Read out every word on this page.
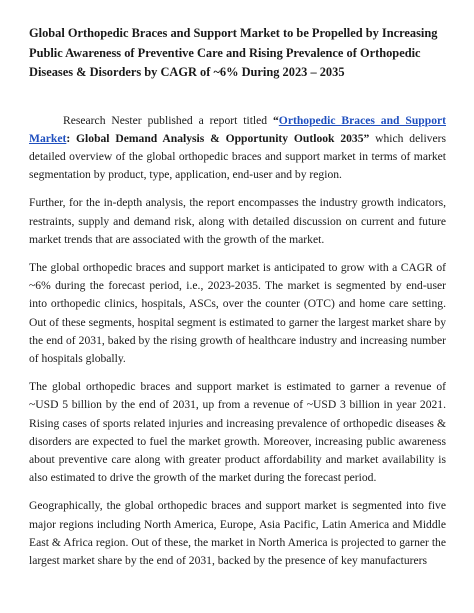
Global Orthopedic Braces and Support Market to be Propelled by Increasing Public Awareness of Preventive Care and Rising Prevalence of Orthopedic Diseases & Disorders by CAGR of ~6% During 2023 – 2035

Research Nester published a report titled “Orthopedic Braces and Support Market: Global Demand Analysis & Opportunity Outlook 2035” which delivers detailed overview of the global orthopedic braces and support market in terms of market segmentation by product, type, application, end-user and by region.

Further, for the in-depth analysis, the report encompasses the industry growth indicators, restraints, supply and demand risk, along with detailed discussion on current and future market trends that are associated with the growth of the market.

The global orthopedic braces and support market is anticipated to grow with a CAGR of ~6% during the forecast period, i.e., 2023-2035. The market is segmented by end-user into orthopedic clinics, hospitals, ASCs, over the counter (OTC) and home care setting. Out of these segments, hospital segment is estimated to garner the largest market share by the end of 2031, baked by the rising growth of healthcare industry and increasing number of hospitals globally.

The global orthopedic braces and support market is estimated to garner a revenue of ~USD 5 billion by the end of 2031, up from a revenue of ~USD 3 billion in year 2021. Rising cases of sports related injuries and increasing prevalence of orthopedic diseases & disorders are expected to fuel the market growth. Moreover, increasing public awareness about preventive care along with greater product affordability and market availability is also estimated to drive the growth of the market during the forecast period.

Geographically, the global orthopedic braces and support market is segmented into five major regions including North America, Europe, Asia Pacific, Latin America and Middle East & Africa region. Out of these, the market in North America is projected to garner the largest market share by the end of 2031, backed by the presence of key manufacturers
